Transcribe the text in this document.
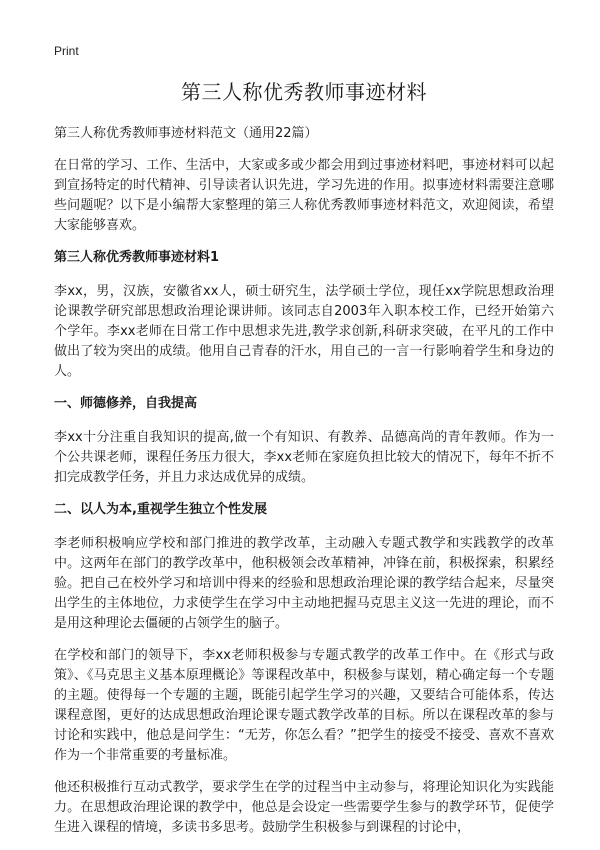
Print
第三人称优秀教师事迹材料
第三人称优秀教师事迹材料范文（通用22篇）
在日常的学习、工作、生活中，大家或多或少都会用到过事迹材料吧，事迹材料可以起到宣扬特定的时代精神、引导读者认识先进，学习先进的作用。拟事迹材料需要注意哪些问题呢？以下是小编帮大家整理的第三人称优秀教师事迹材料范文，欢迎阅读，希望大家能够喜欢。
第三人称优秀教师事迹材料1
李xx，男，汉族，安徽省xx人，硕士研究生，法学硕士学位，现任xx学院思想政治理论课教学研究部思想政治理论课讲师。该同志自2003年入职本校工作，已经开始第六个学年。李xx老师在日常工作中思想求先进,教学求创新,科研求突破，在平凡的工作中做出了较为突出的成绩。他用自己青春的汗水，用自己的一言一行影响着学生和身边的人。
一、师德修养，自我提高
李xx十分注重自我知识的提高,做一个有知识、有教养、品德高尚的青年教师。作为一个公共课老师，课程任务压力很大，李xx老师在家庭负担比较大的情况下，每年不折不扣完成教学任务，并且力求达成优异的成绩。
二、以人为本,重视学生独立个性发展
李老师积极响应学校和部门推进的教学改革，主动融入专题式教学和实践教学的改革中。这两年在部门的教学改革中，他积极领会改革精神，冲锋在前，积极探索，积累经验。把自己在校外学习和培训中得来的经验和思想政治理论课的教学结合起来，尽量突出学生的主体地位，力求使学生在学习中主动地把握马克思主义这一先进的理论，而不是用这种理论去僵硬的占领学生的脑子。
在学校和部门的领导下，李xx老师积极参与专题式教学的改革工作中。在《形式与政策》、《马克思主义基本原理概论》等课程改革中，积极参与谋划，精心确定每一个专题的主题。使得每一个专题的主题，既能引起学生学习的兴趣，又要结合可能体系，传达课程意图，更好的达成思想政治理论课专题式教学改革的目标。所以在课程改革的参与讨论和实践中，他总是问学生：“无芳，你怎么看？”把学生的接受不接受、喜欢不喜欢作为一个非常重要的考量标准。
他还积极推行互动式教学，要求学生在学的过程当中主动参与，将理论知识化为实践能力。在思想政治理论课的教学中，他总是会设定一些需要学生参与的教学环节，促使学生进入课程的情境，多读书多思考。鼓励学生积极参与到课程的讨论中，
